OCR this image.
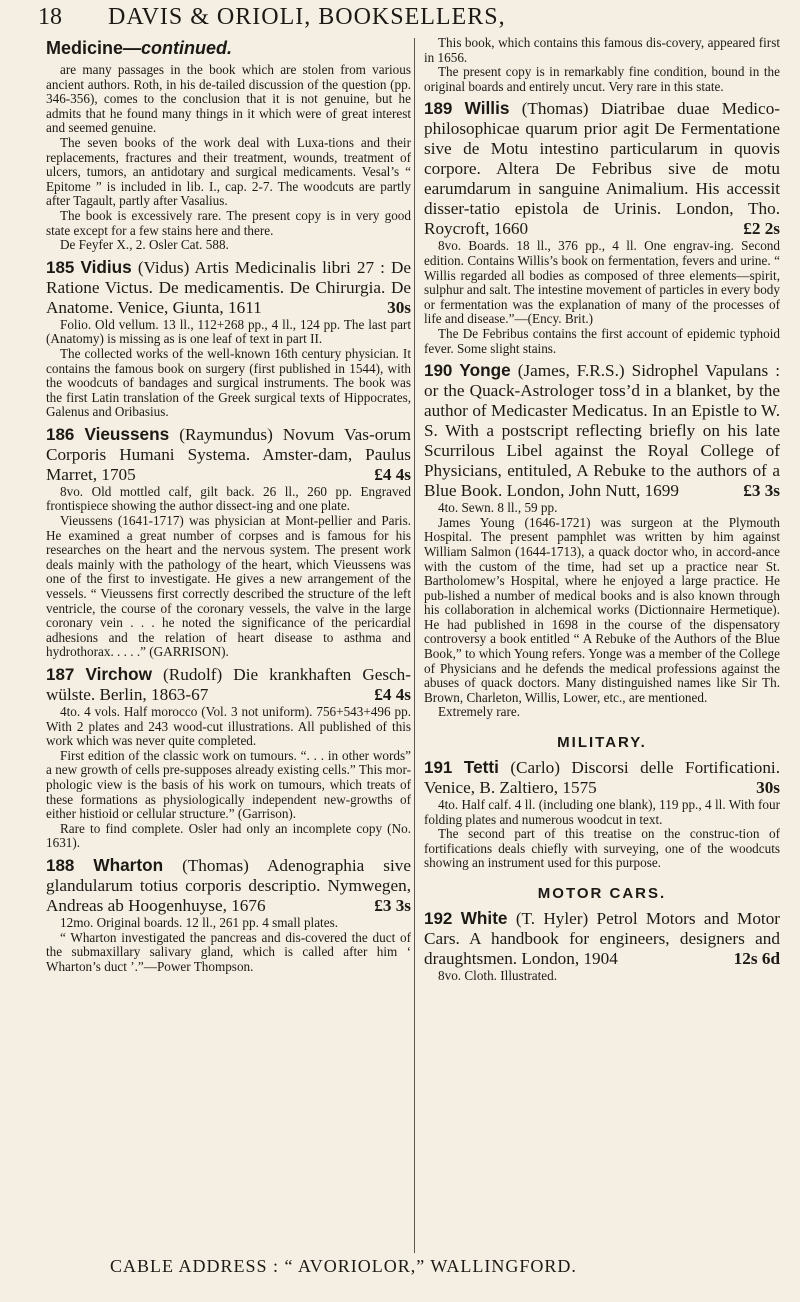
18	DAVIS & ORIOLI, BOOKSELLERS,
Medicine—continued.

are many passages in the book which are stolen from various ancient authors. Roth, in his de-tailed discussion of the question (pp. 346-356), comes to the conclusion that it is not genuine, but he admits that he found many things in it which were of great interest and seemed genuine.

The seven books of the work deal with Luxa-tions and their replacements, fractures and their treatment, wounds, treatment of ulcers, tumors, an antidotary and surgical medicaments. Vesal’s “ Epitome ” is included in lib. I., cap. 2-7. The woodcuts are partly after Tagault, partly after Vasalius.

The book is excessively rare. The present copy is in very good state except for a few stains here and there.

De Feyfer X., 2. Osler Cat. 588.

185 Vidius (Vidus) Artis Medicinalis libri 27 : De Ratione Victus. De medicamentis. De Chirurgia. De Anatome. Venice, Giunta, 1611	30s

Folio. Old vellum. 13 ll., 112+268 pp., 4 ll., 124 pp. The last part (Anatomy) is missing as is one leaf of text in part II.

The collected works of the well-known 16th century physician. It contains the famous book on surgery (first published in 1544), with the woodcuts of bandages and surgical instruments. The book was the first Latin translation of the Greek surgical texts of Hippocrates, Galenus and Oribasius.

186 Vieussens (Raymundus) Novum Vas-orum Corporis Humani Systema. Amster-dam, Paulus Marret, 1705	£4 4s

8vo. Old mottled calf, gilt back. 26 ll., 260 pp. Engraved frontispiece showing the author dissect-ing and one plate.

Vieussens (1641-1717) was physician at Mont-pellier and Paris. He examined a great number of corpses and is famous for his researches on the heart and the nervous system. The present work deals mainly with the pathology of the heart, which Vieussens was one of the first to investigate. He gives a new arrangement of the vessels. “ Vieussens first correctly described the structure of the left ventricle, the course of the coronary vessels, the valve in the large coronary vein . . . he noted the significance of the pericardial adhesions and the relation of heart disease to asthma and hydrothorax. . . . .” (GARRISON).

187 Virchow (Rudolf) Die krankhaften Gesch-wülste. Berlin, 1863-67	£4 4s

4to. 4 vols. Half morocco (Vol. 3 not uniform). 756+543+496 pp. With 2 plates and 243 wood-cut illustrations. All published of this work which was never quite completed.

First edition of the classic work on tumours. “. . . in other words” a new growth of cells pre-supposes already existing cells.” This mor-phologic view is the basis of his work on tumours, which treats of these formations as physiologically independent new-growths of either histioid or cellular structure.” (Garrison).

Rare to find complete. Osler had only an incomplete copy (No. 1631).

188 Wharton (Thomas) Adenographia sive glandularum totius corporis descriptio. Nymwegen, Andreas ab Hoogenhuyse, 1676	£3 3s

12mo. Original boards. 12 ll., 261 pp. 4 small plates.

“ Wharton investigated the pancreas and dis-covered the duct of the submaxillary salivary gland, which is called after him ‘ Wharton’s duct ’.”—Power Thompson.

This book, which contains this famous dis-covery, appeared first in 1656.

The present copy is in remarkably fine condition, bound in the original boards and entirely uncut. Very rare in this state.

189 Willis (Thomas) Diatribae duae Medico-philosophicae quarum prior agit De Fermentatione sive de Motu intestino particularum in quovis corpore. Altera De Febribus sive de motu earumdarum in sanguine Animalium. His accessit disser-tatio epistola de Urinis. London, Tho. Roycroft, 1660	£2 2s

8vo. Boards. 18 ll., 376 pp., 4 ll. One engrav-ing. Second edition. Contains Willis’s book on fermentation, fevers and urine. “ Willis regarded all bodies as composed of three elements—spirit, sulphur and salt. The intestine movement of particles in every body or fermentation was the explanation of many of the processes of life and disease.”—(Ency. Brit.)

The De Febribus contains the first account of epidemic typhoid fever. Some slight stains.

190 Yonge (James, F.R.S.) Sidrophel Vapulans : or the Quack-Astrologer toss’d in a blanket, by the author of Medicaster Medicatus. In an Epistle to W. S. With a postscript reflecting briefly on his late Scurrilous Libel against the Royal College of Physicians, entituled, A Rebuke to the authors of a Blue Book. London, John Nutt, 1699	£3 3s

4to. Sewn. 8 ll., 59 pp.

James Young (1646-1721) was surgeon at the Plymouth Hospital. The present pamphlet was written by him against William Salmon (1644-1713), a quack doctor who, in accord-ance with the custom of the time, had set up a practice near St. Bartholomew’s Hospital, where he enjoyed a large practice. He pub-lished a number of medical books and is also known through his collaboration in alchemical works (Dictionnaire Hermetique). He had published in 1698 in the course of the dispensatory controversy a book entitled “ A Rebuke of the Authors of the Blue Book,” to which Young refers. Yonge was a member of the College of Physicians and he defends the medical professions against the abuses of quack doctors. Many distinguished names like Sir Th. Brown, Charleton, Willis, Lower, etc., are mentioned.

Extremely rare.

MILITARY.

191 Tetti (Carlo) Discorsi delle Fortificationi. Venice, B. Zaltiero, 1575	30s

4to. Half calf. 4 ll. (including one blank), 119 pp., 4 ll. With four folding plates and numerous woodcut in text.

The second part of this treatise on the construc-tion of fortifications deals chiefly with surveying, one of the woodcuts showing an instrument used for this purpose.

MOTOR CARS.

192 White (T. Hyler) Petrol Motors and Motor Cars. A handbook for engineers, designers and draughtsmen. London, 1904	12s 6d

8vo. Cloth. Illustrated.

CABLE ADDRESS : “ AVORIOLOR,” WALLINGFORD.
